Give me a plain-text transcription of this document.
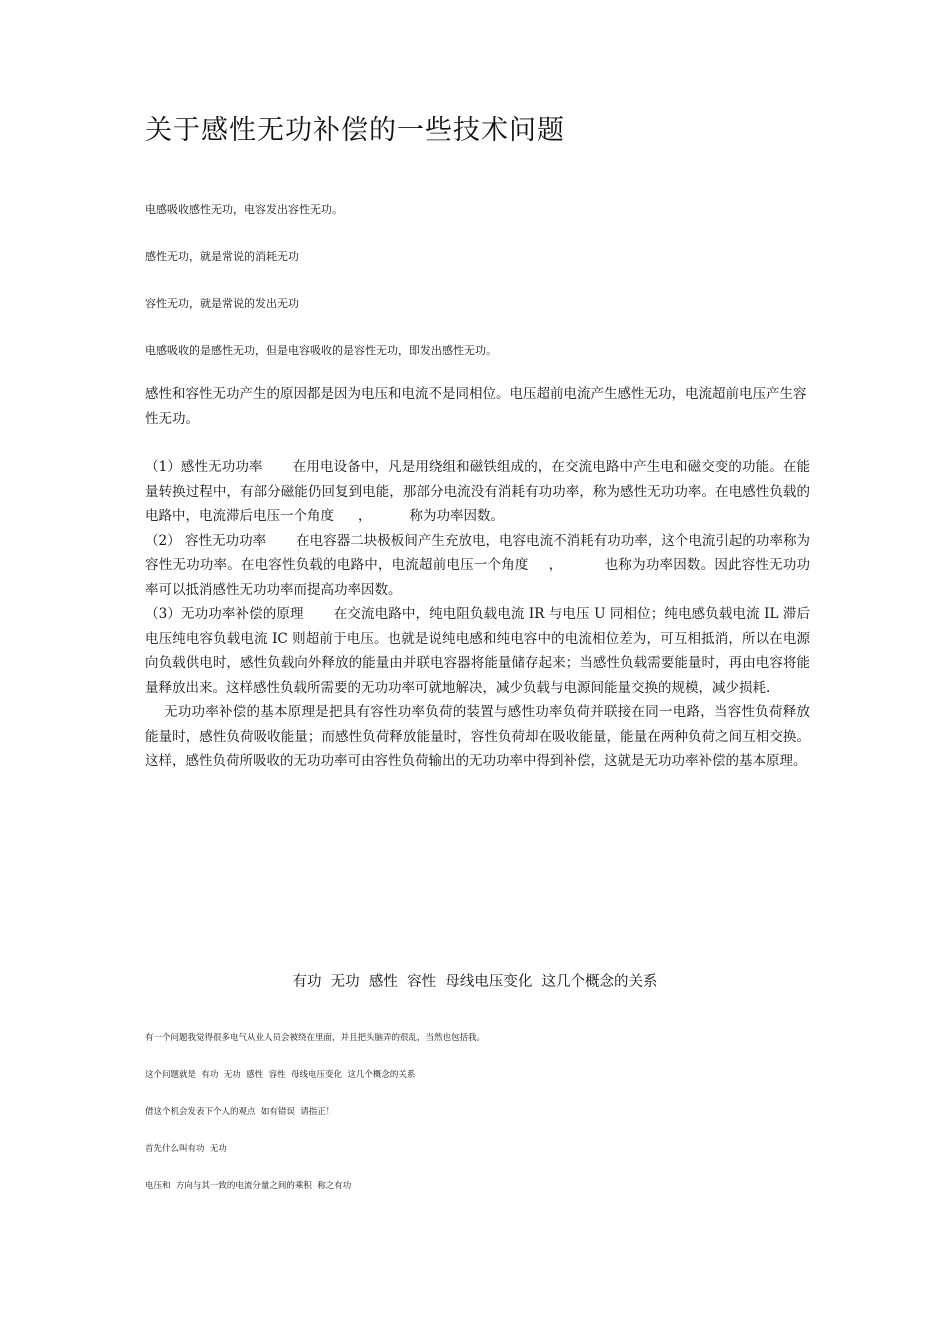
关于感性无功补偿的一些技术问题
电感吸收感性无功，电容发出容性无功。
感性无功，就是常说的消耗无功
容性无功，就是常说的发出无功
电感吸收的是感性无功，但是电容吸收的是容性无功，即发出感性无功。

感性和容性无功产生的原因都是因为电压和电流不是同相位。电压超前电流产生感性无功，电流超前电压产生容性无功。

（1）感性无功功率 在用电设备中，凡是用绕组和磁铁组成的，在交流电路中产生电和磁交变的功能。在能量转换过程中，有部分磁能仍回复到电能，那部分电流没有消耗有功功率，称为感性无功功率。在电感性负载的电路中，电流滞后电压一个角度 ，	称为功率因数。

（2） 容性无功功率 在电容器二块极板间产生充放电，电容电流不消耗有功功率，这个电流引起的功率称为容性无功功率。在电容性负载的电路中，电流超前电压一个角度 ，	也称为功率因数。因此容性无功功率可以抵消感性无功功率而提高功率因数。

（3）无功功率补偿的原理 在交流电路中，纯电阻负载电流 IR 与电压 U 同相位；纯电感负载电流 IL 滞后电压纯电容负载电流 IC 则超前于电压。也就是说纯电感和纯电容中的电流相位差为，可互相抵消，所以在电源向负载供电时，感性负载向外释放的能量由并联电容器将能量储存起来；当感性负载需要能量时，再由电容将能量释放出来。这样感性负载所需要的无功功率可就地解决，减少负载与电源间能量交换的规模，减少损耗.

无功功率补偿的基本原理是把具有容性功率负荷的装置与感性功率负荷并联接在同一电路，当容性负荷释放能量时，感性负荷吸收能量；而感性负荷释放能量时，容性负荷却在吸收能量，能量在两种负荷之间互相交换。这样，感性负荷所吸收的无功功率可由容性负荷输出的无功功率中得到补偿，这就是无功功率补偿的基本原理。

有功  无功  感性  容性  母线电压变化  这几个概念的关系
有一个问题我觉得很多电气从业人员会被绕在里面，并且把头脑弄的很乱，当然也包括我。
这个问题就是  有功  无功  感性  容性  母线电压变化  这几个概念的关系
借这个机会发表下个人的观点  如有错误  请指正！
首先什么叫有功  无功
电压和  方向与其一致的电流分量之间的乘积  称之有功
